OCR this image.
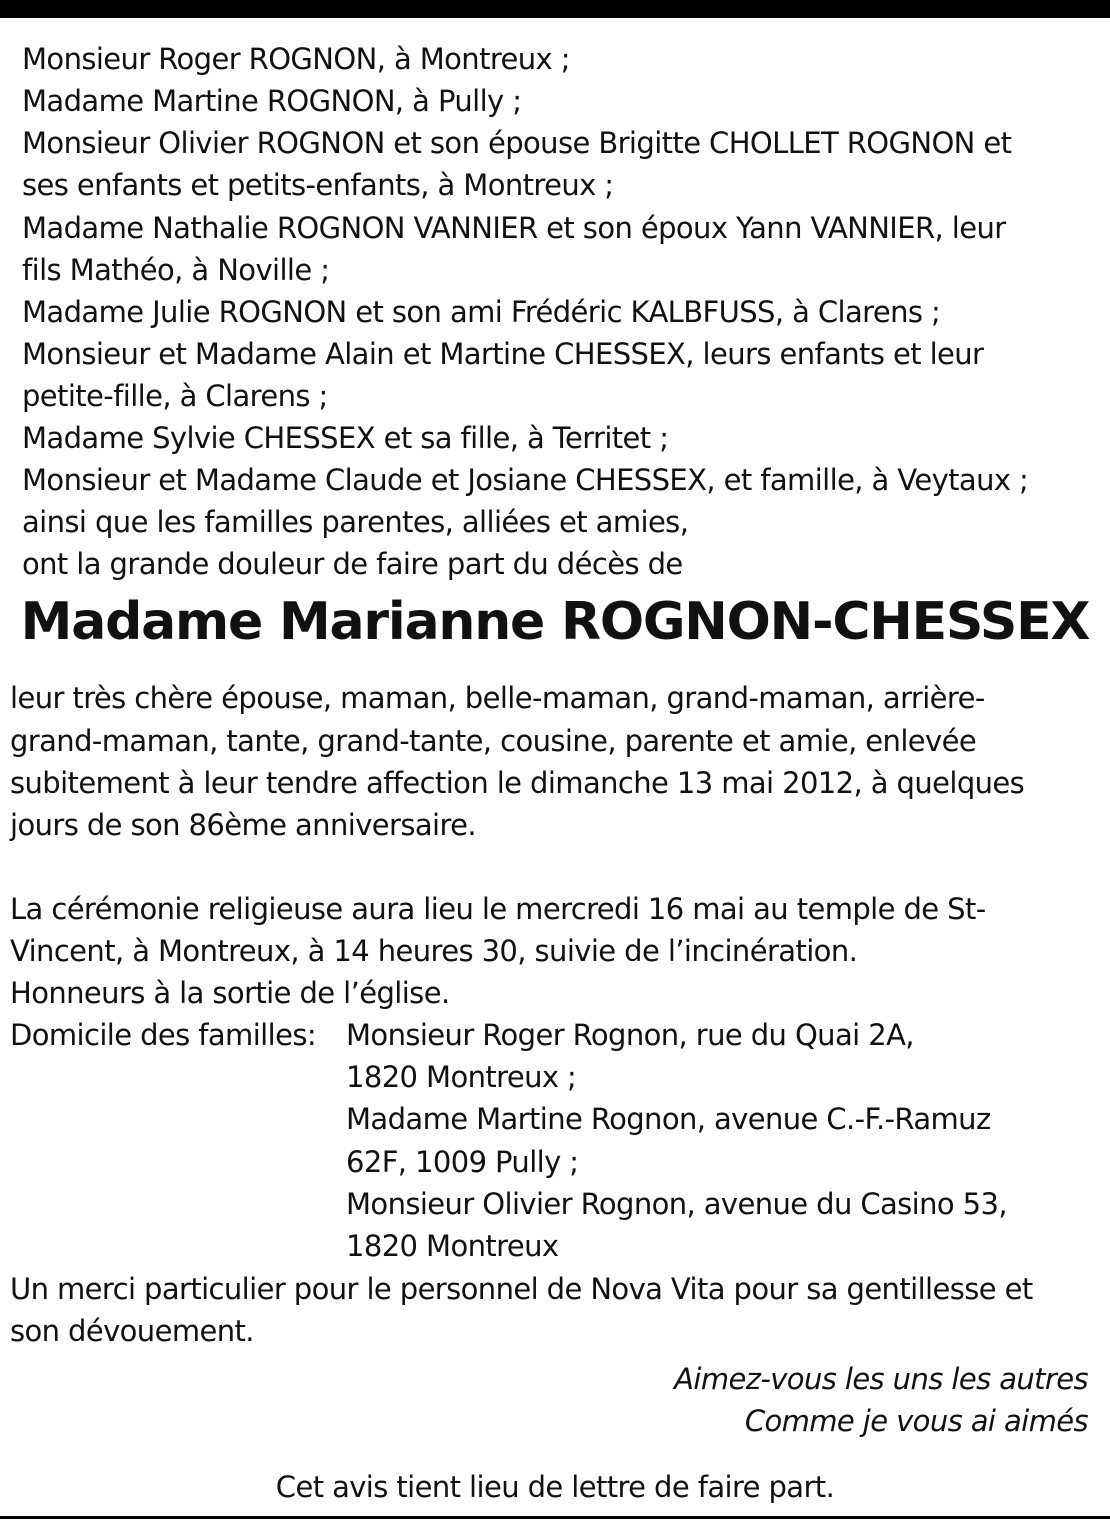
Monsieur Roger ROGNON, à Montreux ;
Madame Martine ROGNON, à Pully ;
Monsieur Olivier ROGNON et son épouse Brigitte CHOLLET ROGNON et
ses enfants et petits-enfants, à Montreux ;
Madame Nathalie ROGNON VANNIER et son époux Yann VANNIER, leur
fils Mathéo, à Noville ;
Madame Julie ROGNON et son ami Frédéric KALBFUSS, à Clarens ;
Monsieur et Madame Alain et Martine CHESSEX, leurs enfants et leur
petite-fille, à Clarens ;
Madame Sylvie CHESSEX et sa fille, à Territet ;
Monsieur et Madame Claude et Josiane CHESSEX, et famille, à Veytaux ;
ainsi que les familles parentes, alliées et amies,
ont la grande douleur de faire part du décès de
Madame Marianne ROGNON-CHESSEX
leur très chère épouse, maman, belle-maman, grand-maman, arrière-
grand-maman, tante, grand-tante, cousine, parente et amie, enlevée
subitement à leur tendre affection le dimanche 13 mai 2012, à quelques
jours de son 86ème anniversaire.
La cérémonie religieuse aura lieu le mercredi 16 mai au temple de St-
Vincent, à Montreux, à 14 heures 30, suivie de l’incinération.
Honneurs à la sortie de l’église.
Domicile des familles:
Un merci particulier pour le personnel de Nova Vita pour sa gentillesse et
son dévouement.
Monsieur Roger Rognon, rue du Quai 2A,
1820 Montreux ;
Madame Martine Rognon, avenue C.-F.-Ramuz
62F, 1009 Pully ;
Monsieur Olivier Rognon, avenue du Casino 53,
1820 Montreux
Aimez-vous les uns les autres
Comme je vous ai aimés
Cet avis tient lieu de lettre de faire part.
